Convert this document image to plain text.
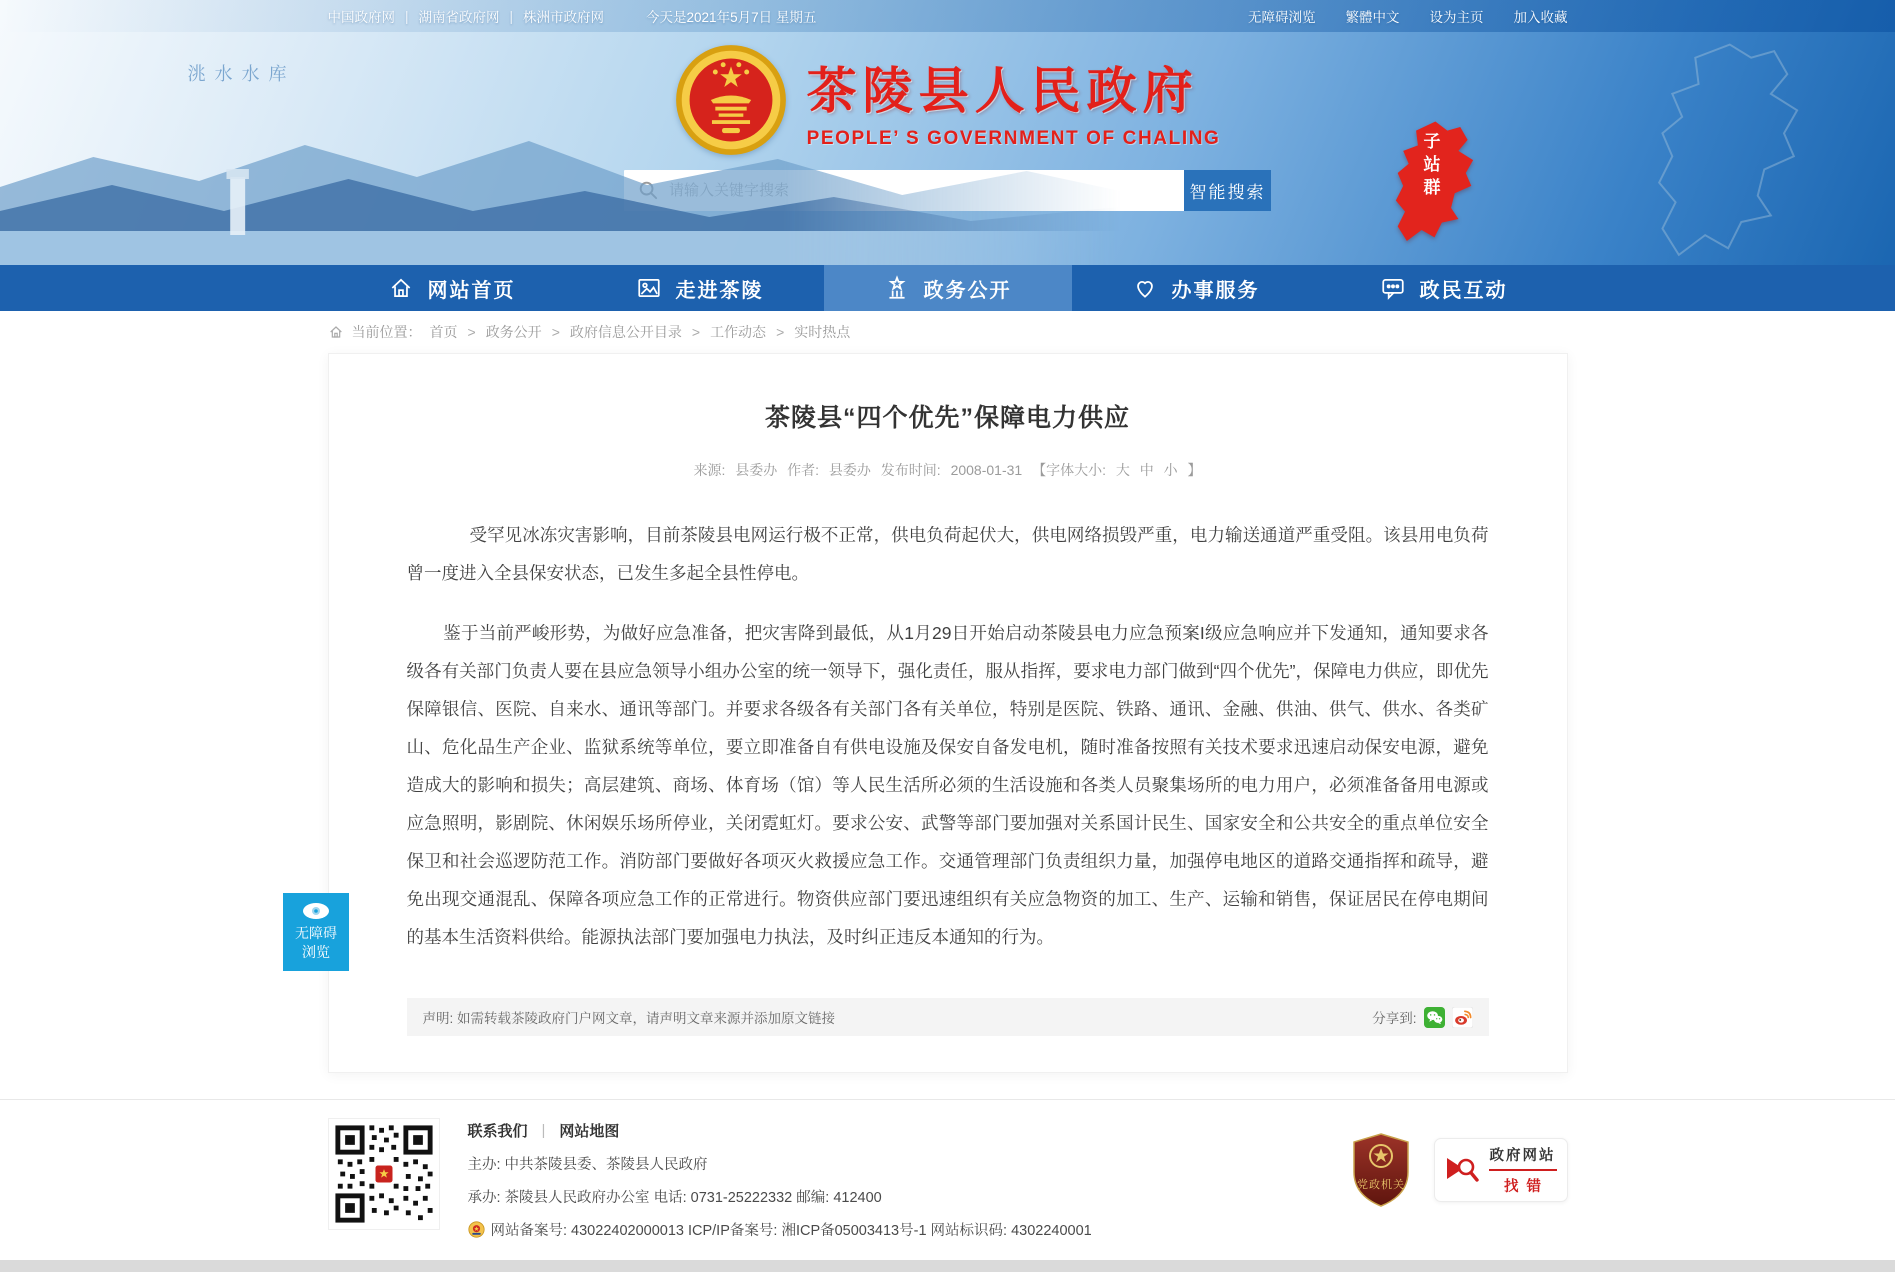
中国政府网 | 湖南省政府网 | 株洲市政府网	今天是2021年5月7日 星期五	无障碍浏览 繁體中文 设为主页 加入收藏
洮水水库	茶陵县人民政府
PEOPLE’ S GOVERNMENT OF CHALING
请输入关键字搜索
智能搜索	子站群
网站首页	走进茶陵	政务公开	办事服务	政民互动
当前位置： 首页 > 政务公开 > 政府信息公开目录 > 工作动态 > 实时热点
茶陵县“四个优先”保障电力供应
来源: 县委办 作者: 县委办 发布时间: 2008-01-31 【字体大小: 大 中 小 】

受罕见冰冻灾害影响，目前茶陵县电网运行极不正常，供电负荷起伏大，供电网络损毁严重，电力输送通道严重受阻。该县用电负荷曾一度进入全县保安状态，已发生多起全县性停电。

鉴于当前严峻形势，为做好应急准备，把灾害降到最低，从1月29日开始启动茶陵县电力应急预案I级应急响应并下发通知，通知要求各级各有关部门负责人要在县应急领导小组办公室的统一领导下，强化责任，服从指挥，要求电力部门做到“四个优先”，保障电力供应，即优先保障银信、医院、自来水、通讯等部门。并要求各级各有关部门各有关单位，特别是医院、铁路、通讯、金融、供油、供气、供水、各类矿山、危化品生产企业、监狱系统等单位，要立即准备自有供电设施及保安自备发电机，随时准备按照有关技术要求迅速启动保安电源，避免造成大的影响和损失；高层建筑、商场、体育场（馆）等人民生活所必须的生活设施和各类人员聚集场所的电力用户，必须准备备用电源或应急照明，影剧院、休闲娱乐场所停业，关闭霓虹灯。要求公安、武警等部门要加强对关系国计民生、国家安全和公共安全的重点单位安全保卫和社会巡逻防范工作。消防部门要做好各项灭火救援应急工作。交通管理部门负责组织力量，加强停电地区的道路交通指挥和疏导，避免出现交通混乱、保障各项应急工作的正常进行。物资供应部门要迅速组织有关应急物资的加工、生产、运输和销售，保证居民在停电期间的基本生活资料供给。能源执法部门要加强电力执法，及时纠正违反本通知的行为。

声明: 如需转载茶陵政府门户网文章，请声明文章来源并添加原文链接	分享到:
联系我们 | 网站地图
主办: 中共茶陵县委、茶陵县人民政府
承办: 茶陵县人民政府办公室 电话: 0731-25222332 邮编: 412400
网站备案号: 43022402000013 ICP/IP备案号: 湘ICP备05003413号-1 网站标识码: 4302240001
党政机关
政府网站
找错
无障碍浏览
